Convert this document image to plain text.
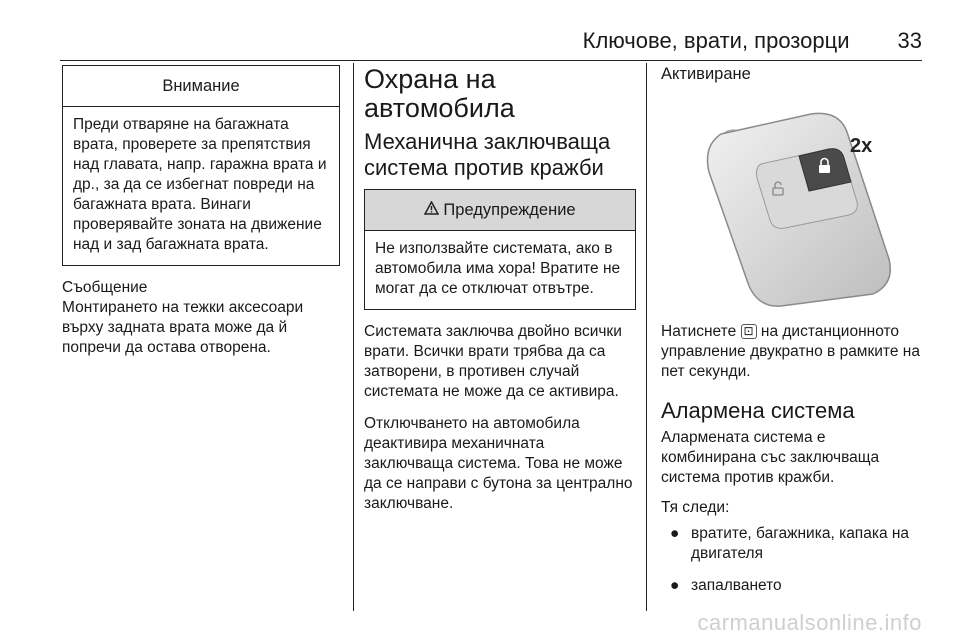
Ключове, врати, прозорци 33
Внимание
Преди отваряне на багажната врата, проверете за препятствия над главата, напр. гаражна врата и др., за да се избегнат повреди на багажната врата. Винаги проверявайте зоната на движение над и зад багажната врата.

Съобщение

Монтирането на тежки аксесоари върху задната врата може да й попречи да остава отворена.

Охрана на автомобила
Механична заключваща система против кражби
Предупреждение
Не използвайте системата, ако в автомобила има хора! Вратите не могат да се отключат отвътре.

Системата заключва двойно всички врати. Всички врати трябва да са затворени, в противен случай системата не може да се активира.

Отключването на автомобила деактивира механичната заключваща система. Това не може да се направи с бутона за централно заключване.

Активиране
2x

Натиснете ⊡ на дистанционното управление двукратно в рамките на пет секунди.

Алармена система

Алармената система е комбинирана със заключваща система против кражби.

Тя следи:

● вратите, багажника, капака на двигателя
● запалването
carmanualsonline.info
